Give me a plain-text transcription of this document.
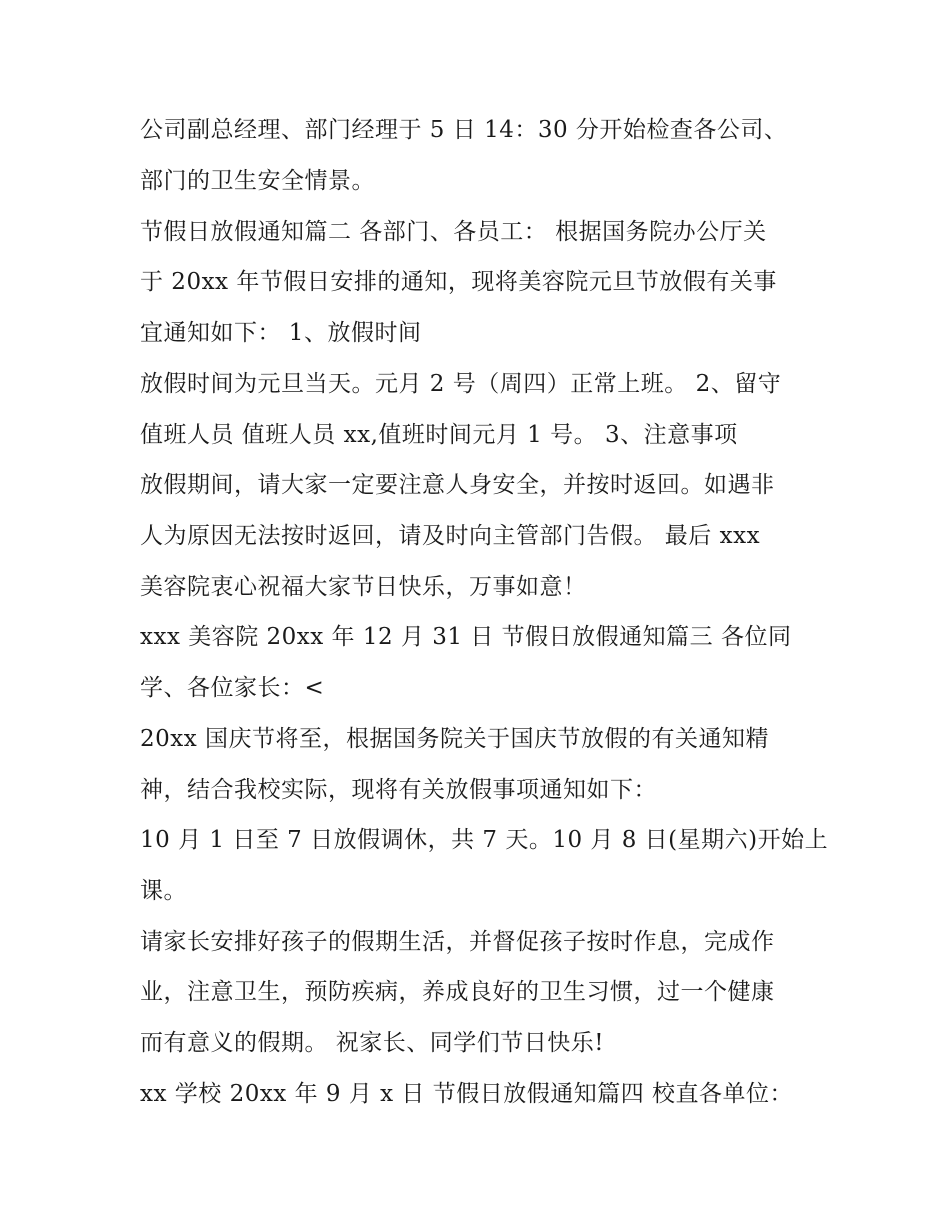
公司副总经理、部门经理于 5 日 14：30 分开始检查各公司、
部门的卫生安全情景。
节假日放假通知篇二 各部门、各员工： 根据国务院办公厅关
于 20xx 年节假日安排的通知，现将美容院元旦节放假有关事
宜通知如下： 1、放假时间
放假时间为元旦当天。元月 2 号（周四）正常上班。 2、留守
值班人员 值班人员 xx,值班时间元月 1 号。 3、注意事项
放假期间，请大家一定要注意人身安全，并按时返回。如遇非
人为原因无法按时返回，请及时向主管部门告假。 最后 xxx
美容院衷心祝福大家节日快乐，万事如意！
xxx 美容院 20xx 年 12 月 31 日 节假日放假通知篇三 各位同
学、各位家长：<
20xx 国庆节将至，根据国务院关于国庆节放假的有关通知精
神，结合我校实际，现将有关放假事项通知如下：
10 月 1 日至 7 日放假调休，共 7 天。10 月 8 日(星期六)开始上
课。
请家长安排好孩子的假期生活，并督促孩子按时作息，完成作
业，注意卫生，预防疾病，养成良好的卫生习惯，过一个健康
而有意义的假期。 祝家长、同学们节日快乐!
xx 学校 20xx 年 9 月 x 日 节假日放假通知篇四 校直各单位：
